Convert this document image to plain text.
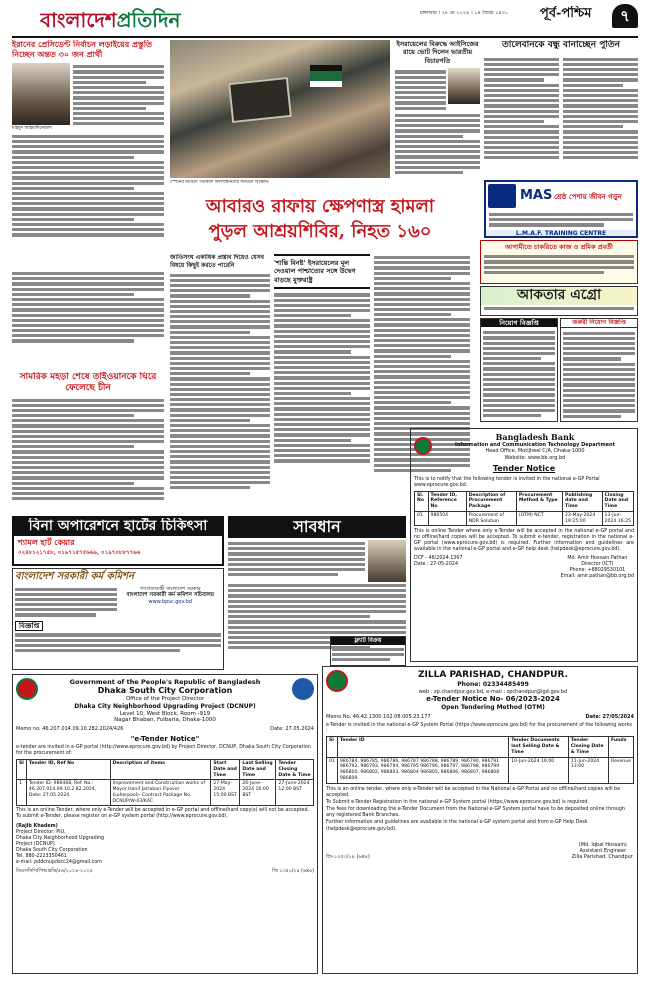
বাংলাদেশপ্রতিদিন	মঙ্গলবার । ২৮ মে ২০২৪ । ১৪ জ্যৈষ্ঠ ১৪৩১	পূর্ব-পশ্চিম	৭
ইরানের প্রেসিডেন্ট নির্বাচন লড়াইয়ের প্রস্তুতি নিচ্ছেন অন্তত ৩০ জন প্রার্থী
মাহমুদ আহমাদিনেজাদ
সামরিক মহড়া শেষে তাইওয়ানকে ঘিরে ফেলেছে চীন
স্পেনের মাদ্রিদে গতকাল ফিলিস্তিনিদের সমর্থনে বিক্ষোভ
আবারও রাফায় ক্ষেপণাস্ত্র হামলা
পুড়ল আশ্রয়শিবির, নিহত ১৬০
জাতিসংঘ একাধিক প্রস্তাব দিয়েও যেসব বিষয়ে কিছুই করতে পারেনি	'শান্তি বিনষ্ট' ইসরায়েলের মূল দেওয়াল পাশ্চাত্যের সঙ্গে উদ্বেগ বাড়ছে যুক্তরাষ্ট্র
ইসরায়েলের বিরুদ্ধে আইসিজের রায়ে ভোট দিলেন ভারতীয় বিচারপতি
তালেবানকে বন্ধু বানাচ্ছেন পুতিন
MAS শ্রেষ্ঠ পেশায় জীবন গড়ুন
L.M.A.F. TRAINING CENTRE
আগামীতে চাকরিতে কাজ ও শ্রমিক প্রবর্তী
আকতার এগ্রো
নিয়োগ বিজ্ঞপ্তি	জরুরী নিয়োগ বিজ্ঞপ্তি
Bangladesh Bank
Information and Communication Technology Department
Head Office, Motijheel C/A, Dhaka-1000
Website: www.bb.org.bd
Tender Notice
This is to notify that the following tender is invited in the national e-GP Portal www.eprocure.gov.bd:
Sl. No	Tender ID, Reference No	Description of Procurement Package	Procurement Method & Type	Publishing date and Time	Closing Date and Time
01	986504	Procurement of NDR Solution	(OTM) NCT	23-May-2024 19:25:00	13-Jun-2024 16:25
This is online Tender where only e-Tender will be accepted in the national e-GP portal and no offline/hard copies will be accepted. To submit e-tender, registration in the national e-GP portal (www.eprocure.gov.bd) is required. Further information and guidelines are available in the national e-GP portal and e-GP help desk (helpdesk@eprocure.gov.bd).
DCF - 46/2024-1367
Date : 27-05-2024
Md. Amir Hossain Pathan
Director (ICT)
Phone: +88029530101
Email: amir.pathan@bb.org.bd
বিনা অপারেশনে হার্টের চিকিৎসা
শ্যামল হার্ট কেয়ার
০২৪৮১২১৭৫৮, ০১৯৭১৫৭৫৬৬৯, ০১৯৭০৮৮৭৭৬৬
সাবধান
ফ্ল্যাট বিক্রয়
বাংলাদেশ সরকারী কর্ম কমিশন
গণপ্রজাতন্ত্রী বাংলাদেশ সরকার
বাংলাদেশ সরকারী কর্ম কমিশন সচিবালয়
www.bpsc.gov.bd
বিজ্ঞপ্তি
Government of the People's Republic of Bangladesh
Dhaka South City Corporation
Office of the Project Director
Dhaka City Neighborhood Upgrading Project (DCNUP)
Level 10, West Block, Room -919
Nagar Bhaban, Fulbaria, Dhaka-1000
Memo no. 46.207.014.09.10.282.2024/426	Date: 27.05.2024
"e-Tender Notice"
e-tender are invited in e-GP portal (http://www.eprocure.gov.bd) by Project Director, DCNUP, Dhaka South City Corporation for the procurement of:
Sl	Tender ID, Ref No	Description of items	Start Date and Time	Last Selling Date and Time	Tender Closing Date & Time
1	Tender ID: 986468, Ref. No.: 46.207.014.09.10.2 82.2024, Date: 27.05.2024	Improvement and Construction works of Mayor Hanif Jatrabari Flyover (Lohorpool)- Contract Package No. DCNUP/W-03/KAC	27-May-2024 15:00 BST	26-June-2024 16:00 BST	27-June-2024 12:00 BST
This is an online Tender, where only e-Tender will be accepted in e-GP portal and offline/hard copy(s) will not be accepted. To submit e-Tender, please register on e-GP system portal (http://www.eprocure.gov.bd).
(Rajib Khadem)
Project Director, PIU,
Dhaka City Neighborhood Upgrading
Project (DCNUP)
Dhaka South City Corporation
Tel. 880-2223350461
e-mail: pddcnupdscc24@gmail.com
ডিএসসিসি/পিআরডি/৫৬/২০২৪-২০২৫	জি ১৩৫০/২৪ (৬x৪)
ZILLA PARISHAD, CHANDPUR.
Phone: 02334485499
web : zp.chandpur.gov.bd, e-mail : zpchandpur@lgd.gov.bd
e-Tender Notice No- 06/2023-2024
Open Tendering Method (OTM)
Memo No. 46.42.1300.102.08.005.23.177	Date: 27/05/2024
e-Tender is invited in the national e-GP System Portal (https://www.eprocure.gov.bd) for the procurement of the following works :
Sl	Tender ID	Tender Documents last Selling Date & Time	Tender Closing Date & Time	Funds
01	986784, 986785, 986786, 986787 986788, 986789, 986790, 986791 986792, 986793, 986794, 986795 986796, 986797, 986798, 986799 986800, 986802, 986803, 986804 986805, 986806, 986807, 986808 986809	10-Jun-2024 16:00	11-Jun-2024 13:00	Revenue
This is an online tender, where only e-Tender will be accepted in the National e-GP Portal and no offline/hard copies will be accepted.
To Submit e-Tender Registration in the national e-GP System portal (https://www.eprocure.gov.bd) is required.
The fees for downloading the e-Tender Document from the National e-GP System portal have to be deposited online through any registered Bank Branches.
Further information and guidelines are available in the national e-GP system portal and from e-GP Help Desk (helpdesk@eprocure.gov.bd).
জি-১৩৫৩/২৪ (৬x৪)
(Md. Iqbal Hossain)
Assistant Engineer
Zilla Parishad, Chandpur.
